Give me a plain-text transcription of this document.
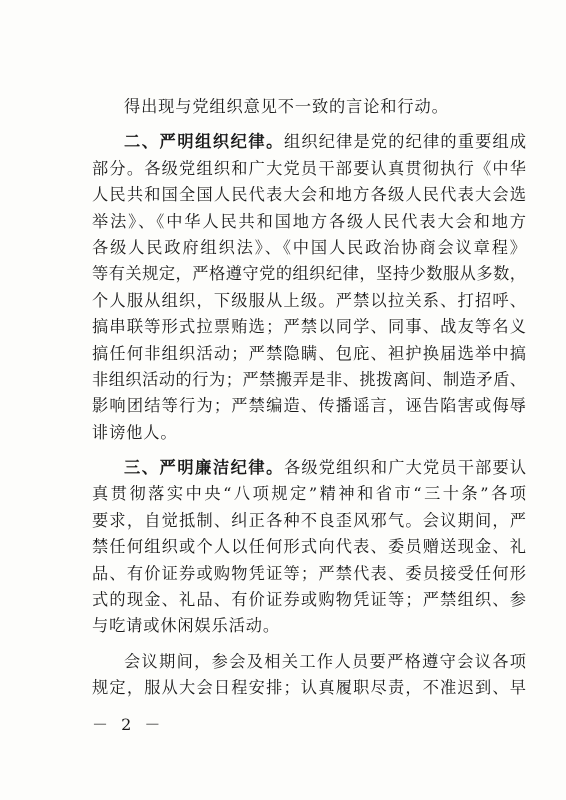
得出现与党组织意见不一致的言论和行动。
二、严明组织纪律。组织纪律是党的纪律的重要组成
部分。各级党组织和广大党员干部要认真贯彻执行《中华
人民共和国全国人民代表大会和地方各级人民代表大会选
举法》、《中华人民共和国地方各级人民代表大会和地方
各级人民政府组织法》、《中国人民政治协商会议章程》
等有关规定，严格遵守党的组织纪律，坚持少数服从多数，
个人服从组织，下级服从上级。严禁以拉关系、打招呼、
搞串联等形式拉票贿选；严禁以同学、同事、战友等名义
搞任何非组织活动；严禁隐瞒、包庇、袒护换届选举中搞
非组织活动的行为；严禁搬弄是非、挑拨离间、制造矛盾、
影响团结等行为；严禁编造、传播谣言，诬告陷害或侮辱
诽谤他人。
三、严明廉洁纪律。各级党组织和广大党员干部要认
真贯彻落实中央“八项规定”精神和省市“三十条”各项
要求，自觉抵制、纠正各种不良歪风邪气。会议期间，严
禁任何组织或个人以任何形式向代表、委员赠送现金、礼
品、有价证券或购物凭证等；严禁代表、委员接受任何形
式的现金、礼品、有价证券或购物凭证等；严禁组织、参
与吃请或休闲娱乐活动。
会议期间，参会及相关工作人员要严格遵守会议各项
规定，服从大会日程安排；认真履职尽责，不准迟到、早
－ 2 －
